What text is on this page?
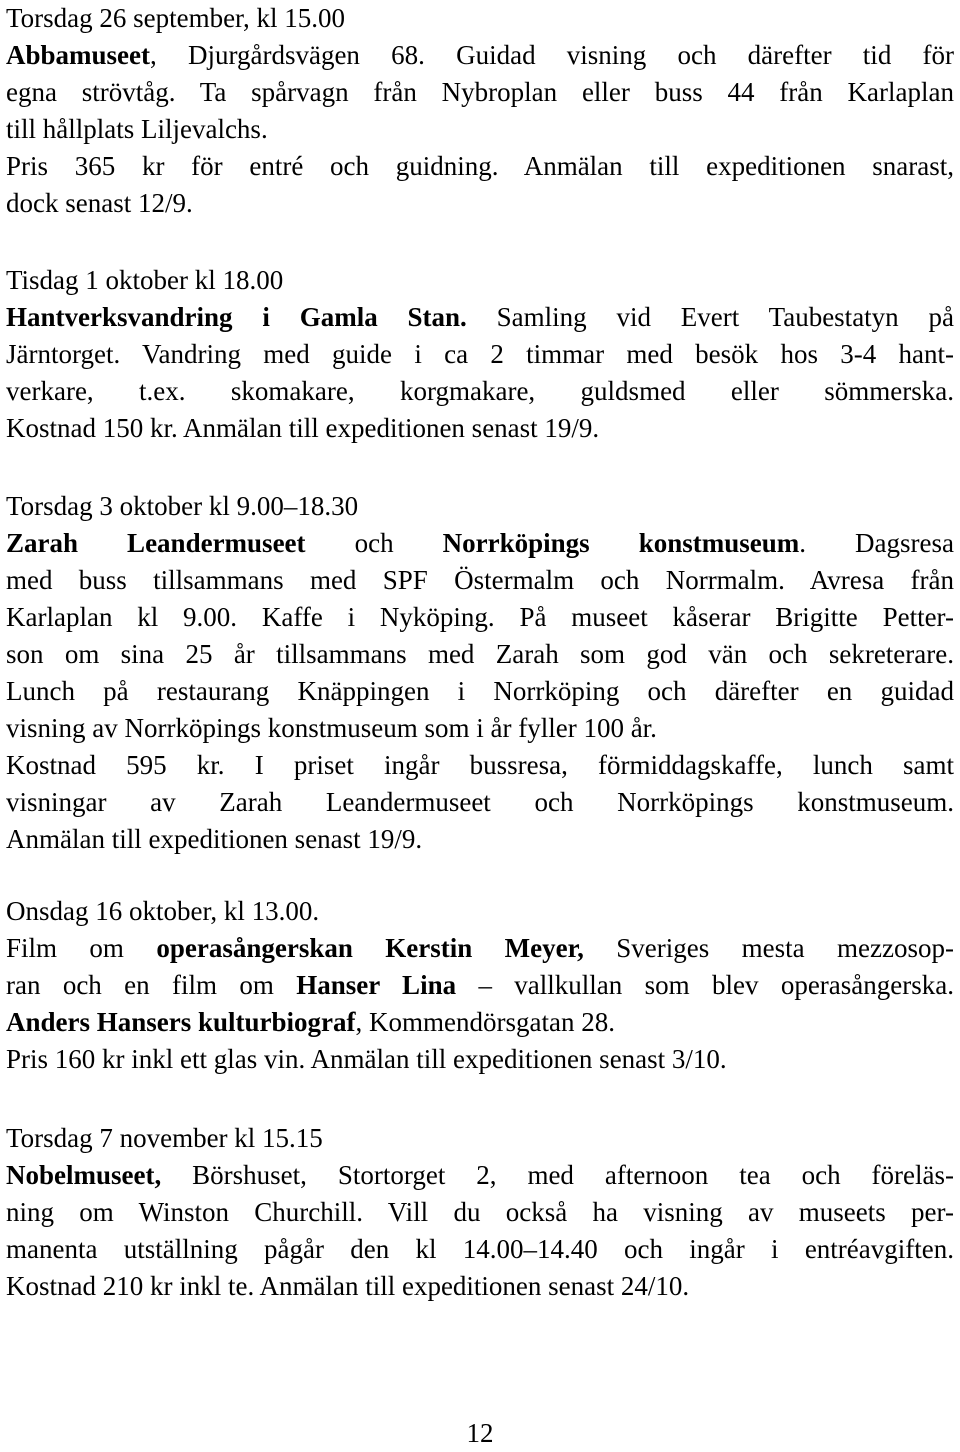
Torsdag 26 september, kl 15.00

Abbamuseet, Djurgårdsvägen 68. Guidad visning och därefter tid för

egna strövtåg. Ta spårvagn från Nybroplan eller buss 44 från Karlaplan

till hållplats Liljevalchs.

Pris 365 kr för entré och guidning. Anmälan till expeditionen snarast,

dock senast 12/9.

Tisdag 1 oktober kl 18.00

Hantverksvandring i Gamla Stan. Samling vid Evert Taubestatyn på

Järntorget. Vandring med guide i ca 2 timmar med besök hos 3-4 hant-

verkare, t.ex. skomakare, korgmakare, guldsmed eller sömmerska.

Kostnad 150 kr. Anmälan till expeditionen senast 19/9.

Torsdag 3 oktober kl 9.00–18.30

Zarah Leandermuseet och Norrköpings konstmuseum. Dagsresa

med buss tillsammans med SPF Östermalm och Norrmalm. Avresa från

Karlaplan kl 9.00. Kaffe i Nyköping. På museet kåserar Brigitte Petter-

son om sina 25 år tillsammans med Zarah som god vän och sekreterare.

Lunch på restaurang Knäppingen i Norrköping och därefter en guidad

visning av Norrköpings konstmuseum som i år fyller 100 år.

Kostnad 595 kr. I priset ingår bussresa, förmiddagskaffe, lunch samt

visningar av Zarah Leandermuseet och Norrköpings konstmuseum.

Anmälan till expeditionen senast 19/9.

Onsdag 16 oktober, kl 13.00.

Film om operasångerskan Kerstin Meyer, Sveriges mesta mezzosop-

ran och en film om Hanser Lina – vallkullan som blev operasångerska.

Anders Hansers kulturbiograf, Kommendörsgatan 28.

Pris 160 kr inkl ett glas vin. Anmälan till expeditionen senast 3/10.

Torsdag 7 november kl 15.15

Nobelmuseet, Börshuset, Stortorget 2, med afternoon tea och föreläs-

ning om Winston Churchill. Vill du också ha visning av museets per-

manenta utställning pågår den kl 14.00–14.40 och ingår i entréavgiften.

Kostnad 210 kr inkl te. Anmälan till expeditionen senast 24/10.

12
